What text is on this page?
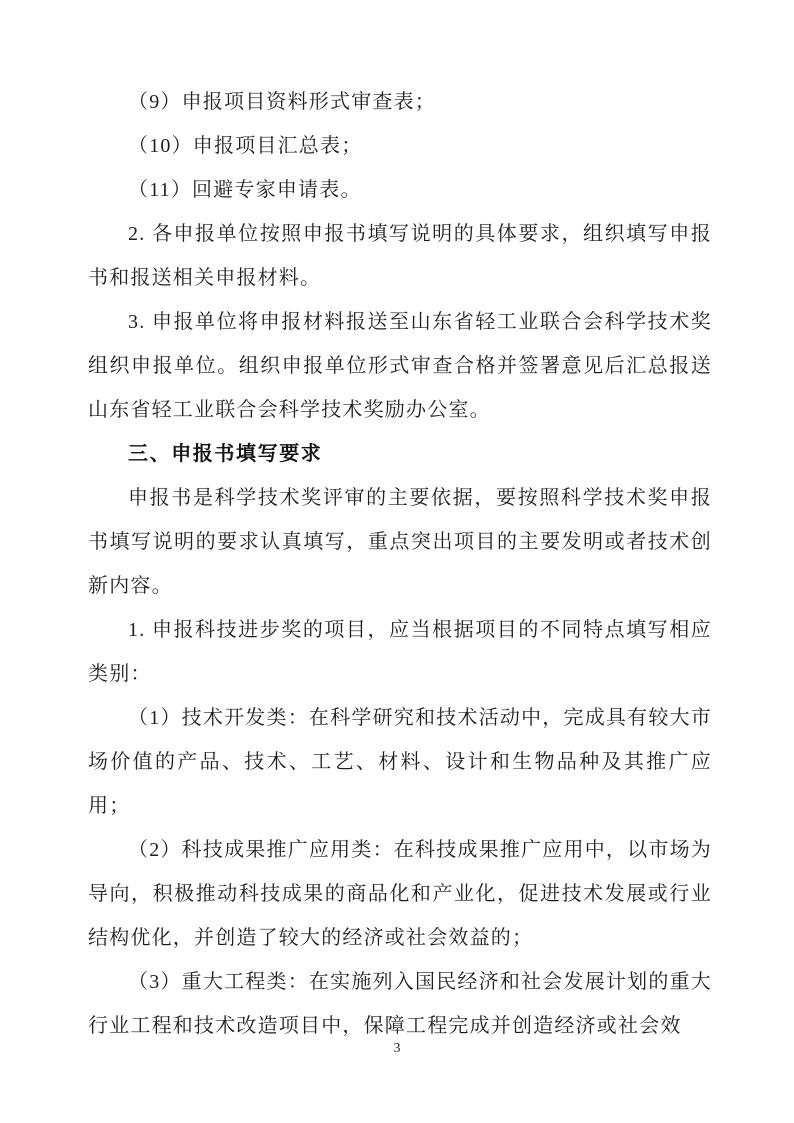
（9）申报项目资料形式审查表；

（10）申报项目汇总表；

（11）回避专家申请表。

2. 各申报单位按照申报书填写说明的具体要求，组织填写申报书和报送相关申报材料。

3. 申报单位将申报材料报送至山东省轻工业联合会科学技术奖组织申报单位。组织申报单位形式审查合格并签署意见后汇总报送山东省轻工业联合会科学技术奖励办公室。

三、申报书填写要求

申报书是科学技术奖评审的主要依据，要按照科学技术奖申报书填写说明的要求认真填写，重点突出项目的主要发明或者技术创新内容。

1. 申报科技进步奖的项目，应当根据项目的不同特点填写相应类别：

（1）技术开发类：在科学研究和技术活动中，完成具有较大市场价值的产品、技术、工艺、材料、设计和生物品种及其推广应用；

（2）科技成果推广应用类：在科技成果推广应用中，以市场为导向，积极推动科技成果的商品化和产业化，促进技术发展或行业结构优化，并创造了较大的经济或社会效益的；

（3）重大工程类：在实施列入国民经济和社会发展计划的重大行业工程和技术改造项目中，保障工程完成并创造经济或社会效

3
